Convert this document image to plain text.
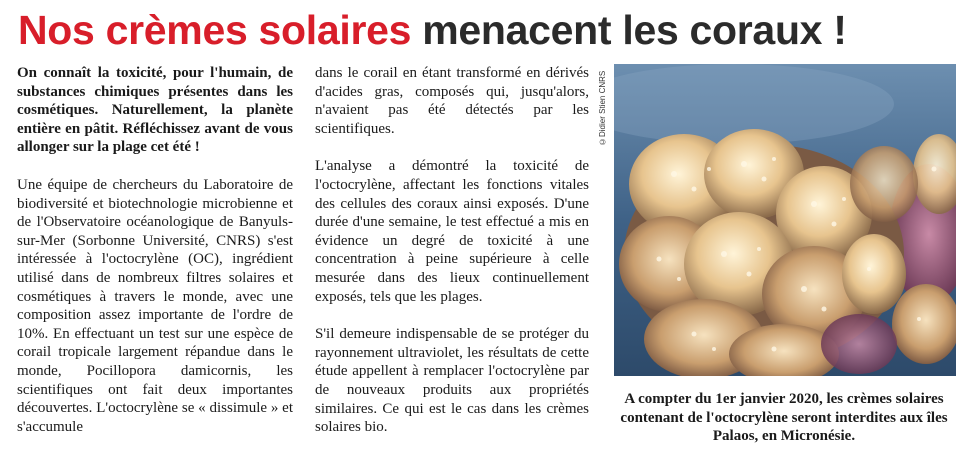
Nos crèmes solaires menacent les coraux !

On connaît la toxicité, pour l'humain, de substances chimiques présentes dans les cosmétiques. Naturellement, la planète entière en pâtit. Réfléchissez avant de vous allonger sur la plage cet été !

Une équipe de chercheurs du Laboratoire de biodiversité et biotechnologie microbienne et de l'Observatoire océanologique de Banyuls-sur-Mer (Sorbonne Université, CNRS) s'est intéressée à l'octocrylène (OC), ingrédient utilisé dans de nombreux filtres solaires et cosmétiques à travers le monde, avec une composition assez importante de l'ordre de 10%. En effectuant un test sur une espèce de corail tropicale largement répandue dans le monde, Pocillopora damicornis, les scientifiques ont fait deux importantes découvertes. L'octocrylène se « dissimule » et s'accumule

dans le corail en étant transformé en dérivés d'acides gras, composés qui, jusqu'alors, n'avaient pas été détectés par les scientifiques.

L'analyse a démontré la toxicité de l'octocrylène, affectant les fonctions vitales des cellules des coraux ainsi exposés. D'une durée d'une semaine, le test effectué a mis en évidence un degré de toxicité à une concentration à peine supérieure à celle mesurée dans des lieux continuellement exposés, tels que les plages.

S'il demeure indispensable de se protéger du rayonnement ultraviolet, les résultats de cette étude appellent à remplacer l'octocrylène par de nouveaux produits aux propriétés similaires. Ce qui est le cas dans les crèmes solaires bio.

©Didier Stien CNRS
A compter du 1er janvier 2020, les crèmes solaires contenant de l'octocrylène seront interdites aux îles Palaos, en Micronésie.
